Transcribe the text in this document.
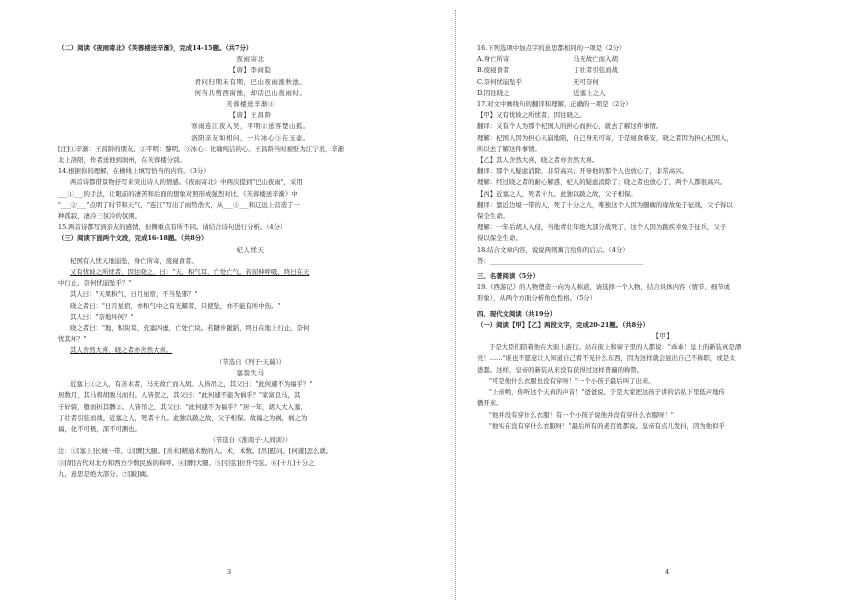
（二）阅读《夜雨寄北》《芙蓉楼送辛渐》，完成14-15题。（共7分）
夜雨寄北
【唐】李商隐
君问归期未有期，巴山夜雨涨秋池。
何当共剪西窗烛，却话巴山夜雨时。
芙蓉楼送辛渐①
【唐】王昌龄
寒雨连江夜入吴，平明②送客楚山孤。
洛阳亲友如相问，一片冰心③在玉壶。
[注]①辛渐：王昌龄的朋友。②平明：黎明。③冰心：比喻纯洁的心。王昌龄当时被贬为江宁丞，辛渐
北上洛阳，作者送他到润州，在芙蓉楼分别。
14.根据你的理解，在横线上填写恰当的内容。（3分）
两首诗都借景物抒写来突出诗人的情感。《夜雨寄北》中两次提到"巴山夜雨"，采用
___①___的手法，让眼前的凄苦和后面的想象对照形成强烈对比，《芙蓉楼送辛渐》中
"___②___"点明了时节和天气，"连江"写出了雨势浩大，从___③___和辽远上营造了一
种孤寂、凄冷三氛冷的氛围。
15.两首诗都写到亲友的感情，但侧重点有所不同。请结合诗句进行分析。（4分）
（三）阅读下面两个文段，完成16-18题。（共8分）
杞人忧天
杞国有人忧天地崩坠，身亡所寄，废寝食者。
又有忧彼之所忧者，因往晓之，曰："天，积气耳，亡处亡气。若屈伸呼吸，终日在天
中行止，奈何忧崩坠乎？"
其人曰："天果积气，日月星宿，不当坠邪？"
晓之者曰："日月星宿，亦积气中之有光耀者，只使坠，亦不能有所中伤。"
其人曰："奈地坏何？"
晓之者曰："地，积块耳，充塞四虚，亡处亡块。若躇步跐蹈，终日在地上行止，奈何
忧其坏？"
其人舍然大喜，晓之者亦舍然大喜。
（节选自《列子·天瑞》）
塞翁失马
近塞上①之人，有善术者，马无故亡而入胡。人皆吊之，其父曰："此何遽不为福乎？"
居数月，其马将胡骏马而归。人皆贺之，其父曰："此何遽不能为祸乎？"家富良马，其
子好骑，堕而折其髀②。人皆吊之，其父曰："此何遽不为福乎？"居一年，胡人大入塞，
丁壮者引弦而战。近塞之人，死者十九。此独以跛之故，父子相保。故福之为祸，祸之为
福，化不可极，深不可测也。
（节选自《淮南子·人间训》）
注：①[塞上]长城一带。②[髀]大腿。[善术]精通术数的人。术，术数。[吊]慰问。[何遽]怎么就。
③[胡]古代对北方和西方少数民族的称呼。④[髀]大腿。⑤[引弦]拉开弓弦。⑥[十九]十分之
九，意思是绝大部分。⑦[跛]瘸。
16.下列选项中加点字的意思都相同的一项是（2分）
A.身亡所寄　　　　　　　　　　马无故亡而入胡
B.废寝食者　　　　　　　　　　丁壮者引弦而战
C.奈何忧崩坠乎　　　　　　　　无可奈何
D.因往晓之　　　　　　　　　　近塞上之人
17.对文中画线句的翻译和理解，正确的一项是（2分）
【甲】又有忧彼之所忧者，因往晓之。
翻译：又有个人为那个杞国人的担心而担心，就去了解这件事情。
理解：杞国人因为担心天崩地陷，自己身无可寄，于是寝食难安，晓之者因为担心杞国人，
所以去了解这件事情。
【乙】其人舍然大喜，晓之者亦舍然大喜。
翻译：那个人疑虑消除，非常高兴；开导他的那个人也放心了，非常高兴。
理解：经过晓之者的耐心解惑，杞人的疑虑消除了；晓之者也放心了，两个人都很高兴。
【丙】近塞之人，死者十九。此独以跛之故，父子相保。
翻译：靠近边境一带的人，死了十分之九，唯独这个人因为腿瘸的缘故免于征战，父子得以
保全生命。
理解：一年后胡人入侵，当地青壮年绝大部分战死了，这个人因为跛疾幸免于征兵，父子
得以保全生命。
18.结合文章内容，说说两则寓言给你的启示。（4分）
答：________________________________________________
三、名著阅读（5分）
19.《西游记》的人物塑造一向为人称道，请选择一个人物，结合具体内容（情节、细节或
形象），从两个方面分析角色性格。（5分）
四、现代文阅读（共19分）
（一）阅读【甲】【乙】两段文字，完成20-21题。（共8分）
【甲】
于是大臣们陪着他在大街上游行。站在街上和窗子里的人都说："乖乖！皇上的新装真是漂
亮！……"谁也不愿意让人知道自己看不见什么东西，因为这样就会显出自己不称职，或是太
愚蠢。这样，皇帝的新装从来没有获得过这样普遍的称赞。
"可是他什么衣服也没有穿呀！"一个小孩子最后叫了出来。
"上帝哟，你听这个天真的声音！"爸爸说。于是大家把这孩子讲的话私下里低声地传
播开来。
"他并没有穿什么衣服！有一个小孩子说他并没有穿什么衣服呀！"
"他实在没有穿什么衣服呀！"最后所有的老百姓都说。皇帝有点儿发抖，因为他似乎
3	4
